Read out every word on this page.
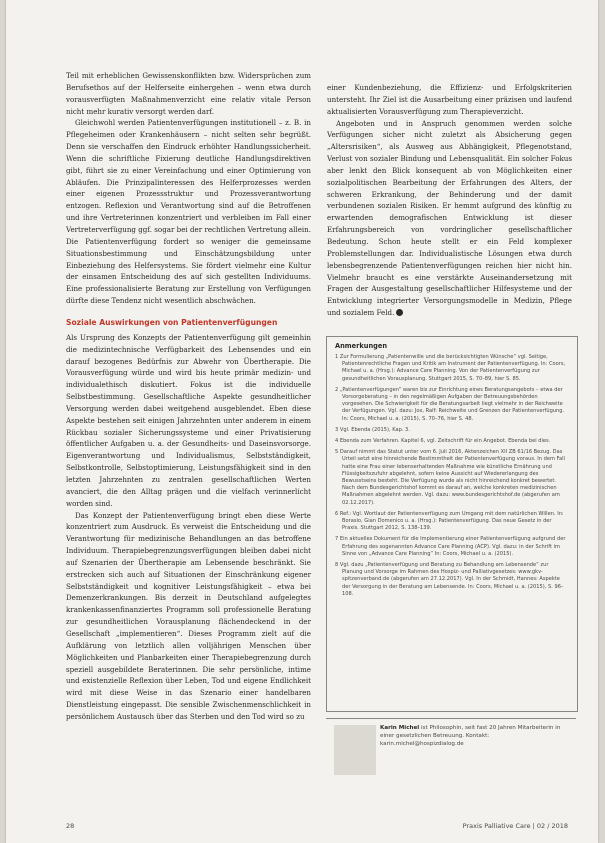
Teil mit erheblichen Gewissenskonflikten bzw. Widersprüchen zum Berufsethos auf der Helferseite einhergehen – wenn etwa durch vorausverfügten Maßnahmenverzicht eine relativ vitale Person nicht mehr kurativ versorgt werden darf.

Gleichwohl werden Patientenverfügungen institutionell – z. B. in Pflegeheimen oder Krankenhäusern – nicht selten sehr begrüßt. Denn sie verschaffen den Eindruck erhöhter Handlungssicherheit. Wenn die schriftliche Fixierung deutliche Handlungsdirektiven gibt, führt sie zu einer Vereinfachung und einer Optimierung von Abläufen. Die Prinzipalinteressen des Helferprozesses werden einer eigenen Prozessstruktur und Prozessverantwortung entzogen. Reflexion und Verantwortung sind auf die Betroffenen und ihre Vertreterinnen konzentriert und verbleiben im Fall einer Vertreterverfügung ggf. sogar bei der rechtlichen Vertretung allein. Die Patientenverfügung fordert so weniger die gemeinsame Situationsbestimmung und Einschätzungsbildung unter Einbeziehung des Helfersystems. Sie fördert vielmehr eine Kultur der einsamen Entscheidung des auf sich gestellten Individuums. Eine professionalisierte Beratung zur Erstellung von Verfügungen dürfte diese Tendenz nicht wesentlich abschwächen.

Soziale Auswirkungen von Patientenverfügungen

Als Ursprung des Konzepts der Patientenverfügung gilt gemeinhin die medizintechnische Verfügbarkeit des Lebensendes und ein darauf bezogenes Bedürfnis zur Abwehr von Übertherapie. Die Vorausverfügung würde und wird bis heute primär medizin- und individualethisch diskutiert. Fokus ist die individuelle Selbstbestimmung. Gesellschaftliche Aspekte gesundheitlicher Versorgung werden dabei weitgehend ausgeblendet. Eben diese Aspekte bestehen seit einigen Jahrzehnten unter anderem in einem Rückbau sozialer Sicherungssysteme und einer Privatisierung öffentlicher Aufgaben u. a. der Gesundheits- und Daseinsvorsorge. Eigenverantwortung und Individualismus, Selbstständigkeit, Selbstkontrolle, Selbstoptimierung, Leistungsfähigkeit sind in den letzten Jahrzehnten zu zentralen gesellschaftlichen Werten avanciert, die den Alltag prägen und die vielfach verinnerlicht worden sind.

Das Konzept der Patientenverfügung bringt eben diese Werte konzentriert zum Ausdruck. Es verweist die Entscheidung und die Verantwortung für medizinische Behandlungen an das betroffene Individuum. Therapiebegrenzungsverfügungen bleiben dabei nicht auf Szenarien der Übertherapie am Lebensende beschränkt. Sie erstrecken sich auch auf Situationen der Einschränkung eigener Selbstständigkeit und kognitiver Leistungsfähigkeit – etwa bei Demenzerkrankungen. Bis derzeit in Deutschland aufgelegtes krankenkassenfinanziertes Programm soll professionelle Beratung zur gesundheitlichen Vorausplanung flächendeckend in der Gesellschaft „implementieren“. Dieses Programm zielt auf die Aufklärung von letztlich allen volljährigen Menschen über Möglichkeiten und Planbarkeiten einer Therapiebegrenzung durch speziell ausgebildete Beraterinnen. Die sehr persönliche, intime und existenzielle Reflexion über Leben, Tod und eigene Endlichkeit wird mit diese Weise in das Szenario einer handelbaren Dienstleistung eingepasst. Die sensible Zwischenmenschlichkeit in persönlichem Austausch über das Sterben und den Tod wird so zu

einer Kundenbeziehung, die Effizienz- und Erfolgskriterien untersteht. Ihr Ziel ist die Ausarbeitung einer präzisen und laufend aktualisierten Vorausverfügung zum Therapieverzicht.

Angeboten und in Anspruch genommen werden solche Verfügungen sicher nicht zuletzt als Absicherung gegen „Altersrisiken“, als Ausweg aus Abhängigkeit, Pflegenotstand, Verlust von sozialer Bindung und Lebensqualität. Ein solcher Fokus aber lenkt den Blick konsequent ab von Möglichkeiten einer sozialpolitischen Bearbeitung der Erfahrungen des Alters, der schweren Erkrankung, der Behinderung und der damit verbundenen sozialen Risiken. Er hemmt aufgrund des künftig zu erwartenden demografischen Entwicklung ist dieser Erfahrungsbereich von vordringlicher gesellschaftlicher Bedeutung. Schon heute stellt er ein Feld komplexer Problemstellungen dar. Individualistische Lösungen etwa durch lebensbegrenzende Patientenverfügungen reichen hier nicht hin. Vielmehr braucht es eine verstärkte Auseinandersetzung mit Fragen der Ausgestaltung gesellschaftlicher Hilfesysteme und der Entwicklung integrierter Versorgungsmodelle in Medizin, Pflege und sozialem Feld.

Anmerkungen
1 Zur Formulierung „Patientenwille und die berücksichtigten Wünsche“ vgl. Seitige, Patientenrechtliche Fragen und Kritik am Instrument der Patientenverfügung. In: Coors, Michael u. a. (Hrsg.): Advance Care Planning. Von der Patientenverfügung zur gesundheitlichen Vorausplanung. Stuttgart 2015, S. 70–89, hier S. 85.
2 „Patientenverfügungen“ waren bis zur Einrichtung eines Beratungsangebots – etwa der Vorsorgeberatung – in den regelmäßigen Aufgaben der Betreuungsbehörden vorgesehen. Die Schwierigkeit für die Beratungsarbeit liegt vielmehr in der Reichweite der Verfügungen. Vgl. dazu: Jox, Ralf: Reichweite und Grenzen der Patientenverfügung. In: Coors, Michael u. a. (2015), S. 70–76, hier S. 48.
3 Vgl. Ebenda (2015), Kap. 3.
4 Ebenda zum Verfahren. Kapitel 6, vgl. Zeitschrift für ein Angebot. Ebenda bei dies.
5 Darauf nimmt das Statut unter vom 6. Juli 2016, Aktenzeichen XII ZB 61/16 Bezug. Das Urteil setzt eine hinreichende Bestimmtheit der Patientenverfügung voraus. In dem Fall hatte eine Frau einer lebenserhaltenden Maßnahme wie künstliche Ernährung und Flüssigkeitszufuhr abgelehnt, sofern keine Aussicht auf Wiedererlangung des Bewusstseins besteht. Die Verfügung wurde als nicht hinreichend konkret bewertet. Nach dem Bundesgerichtshof kommt es darauf an, welche konkreten medizinischen Maßnahmen abgelehnt werden. Vgl. dazu: www.bundesgerichtshof.de (abgerufen am 02.12.2017).
6 Ref.: Vgl. Wortlaut der Patientenverfügung zum Umgang mit dem natürlichen Willen. In: Borasio, Gian Domenico u. a. (Hrsg.): Patientenverfügung. Das neue Gesetz in der Praxis. Stuttgart 2012, S. 138–139.
7 Ein aktuelles Dokument für die Implementierung einer Patientenverfügung aufgrund der Erfahrung des sogenannten Advance Care Planning (ACP). Vgl. dazu: in der Schrift im Sinne von „Advance Care Planning“ In: Coors, Michael u. a. (2015).
8 Vgl. dazu „Patientenverfügung und Beratung zu Behandlung am Lebensende“ zur Planung und Vorsorge im Rahmen des Hospiz- und Palliativgesetzes: www.gkv-spitzenverband.de (abgerufen am 27.12.2017). Vgl. In der Schmidt, Hannes: Aspekte der Versorgung in der Beratung am Lebensende. In: Coors, Michael u. a. (2015), S. 96–108.
Karin Michel ist Philosophin, seit fast 20 Jahren Mitarbeiterin in einer gesetzlichen Betreuung. Kontakt: karin.michel@hospizdialog.de
28	Praxis Palliative Care | 02 / 2018
